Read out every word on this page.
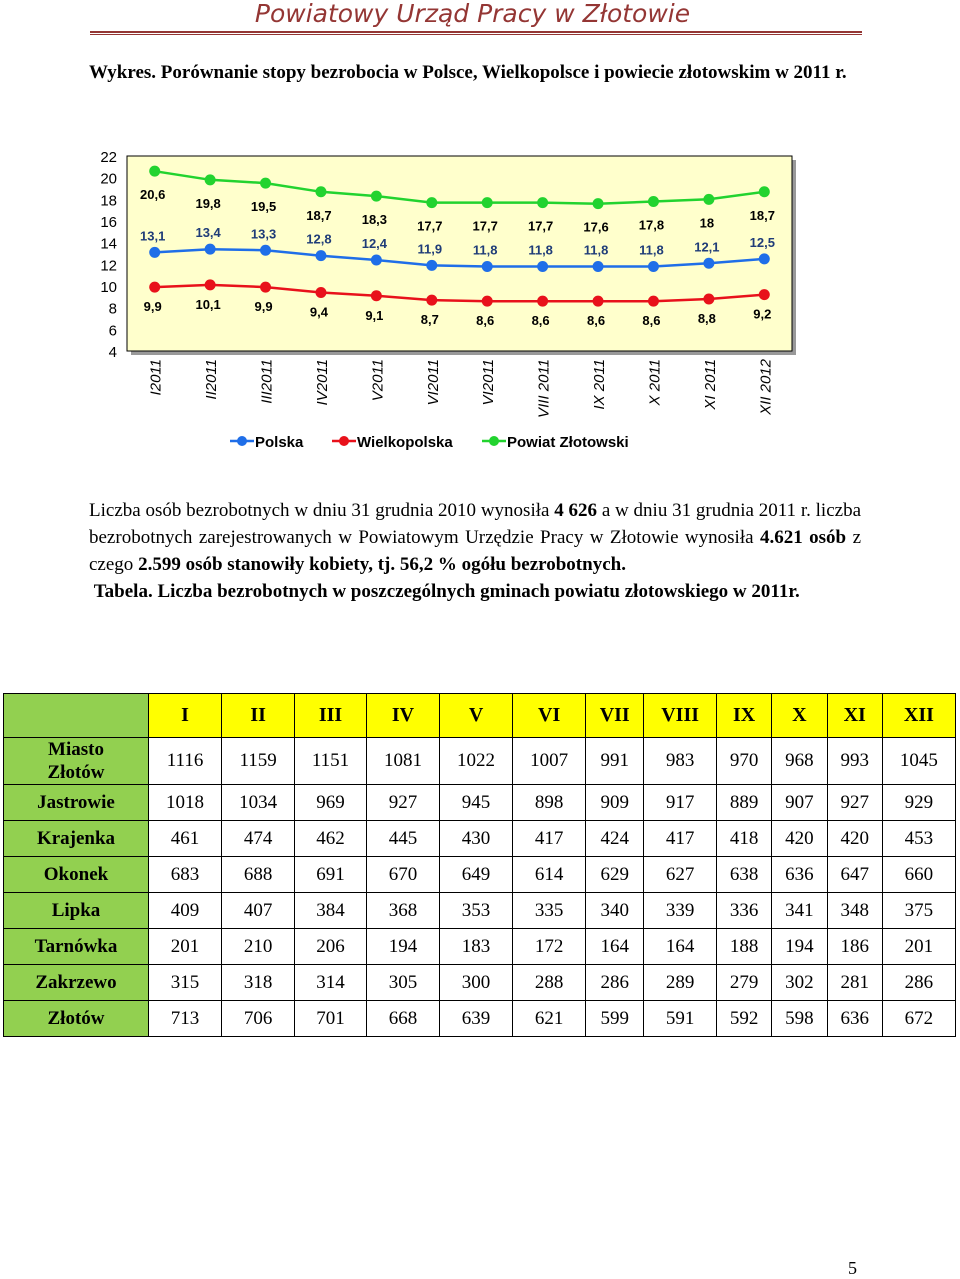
Powiatowy Urząd Pracy w Złotowie
Wykres. Porównanie stopy bezrobocia w Polsce, Wielkopolsce i powiecie złotowskim w 2011 r.
22
20
18
16
14
12
10
8
6
4
I2011	II2011	III2011	IV2011	V2011	VI2011	VI2011	VIII 2011	IX 2011	X 2011	XI 2011	XII 2012
13,1 13,4 13,3 12,8 12,4 11,9 11,8 11,8 11,8 11,8 12,1 12,5
9,9	10,1	9,9	9,4	9,1	8,7	8,6	8,6	8,6	8,6	8,8	9,2
20,6
19,8 19,5
18,7 18,3 17,7 17,7 17,7 17,6 17,8	18
18,7
Polska	Wielkopolska	Powiat Złotowski
Liczba osób bezrobotnych w dniu 31 grudnia 2010 wynosiła 4 626 a w dniu 31 grudnia 2011 r. liczba bezrobotnych zarejestrowanych w Powiatowym Urzędzie Pracy w Złotowie wynosiła 4.621 osób z czego 2.599 osób stanowiły kobiety, tj. 56,2 % ogółu bezrobotnych.
Tabela. Liczba bezrobotnych w poszczególnych gminach powiatu złotowskiego w 2011r.
	I	II	III	IV	V	VI	VII	VIII	IX	X	XI	XII
Miasto
Złotów	1116	1159	1151	1081	1022	1007	991	983	970	968	993	1045
Jastrowie	1018	1034	969	927	945	898	909	917	889	907	927	929
Krajenka	461	474	462	445	430	417	424	417	418	420	420	453
Okonek	683	688	691	670	649	614	629	627	638	636	647	660
Lipka	409	407	384	368	353	335	340	339	336	341	348	375
Tarnówka	201	210	206	194	183	172	164	164	188	194	186	201
Zakrzewo	315	318	314	305	300	288	286	289	279	302	281	286
Złotów	713	706	701	668	639	621	599	591	592	598	636	672
5
